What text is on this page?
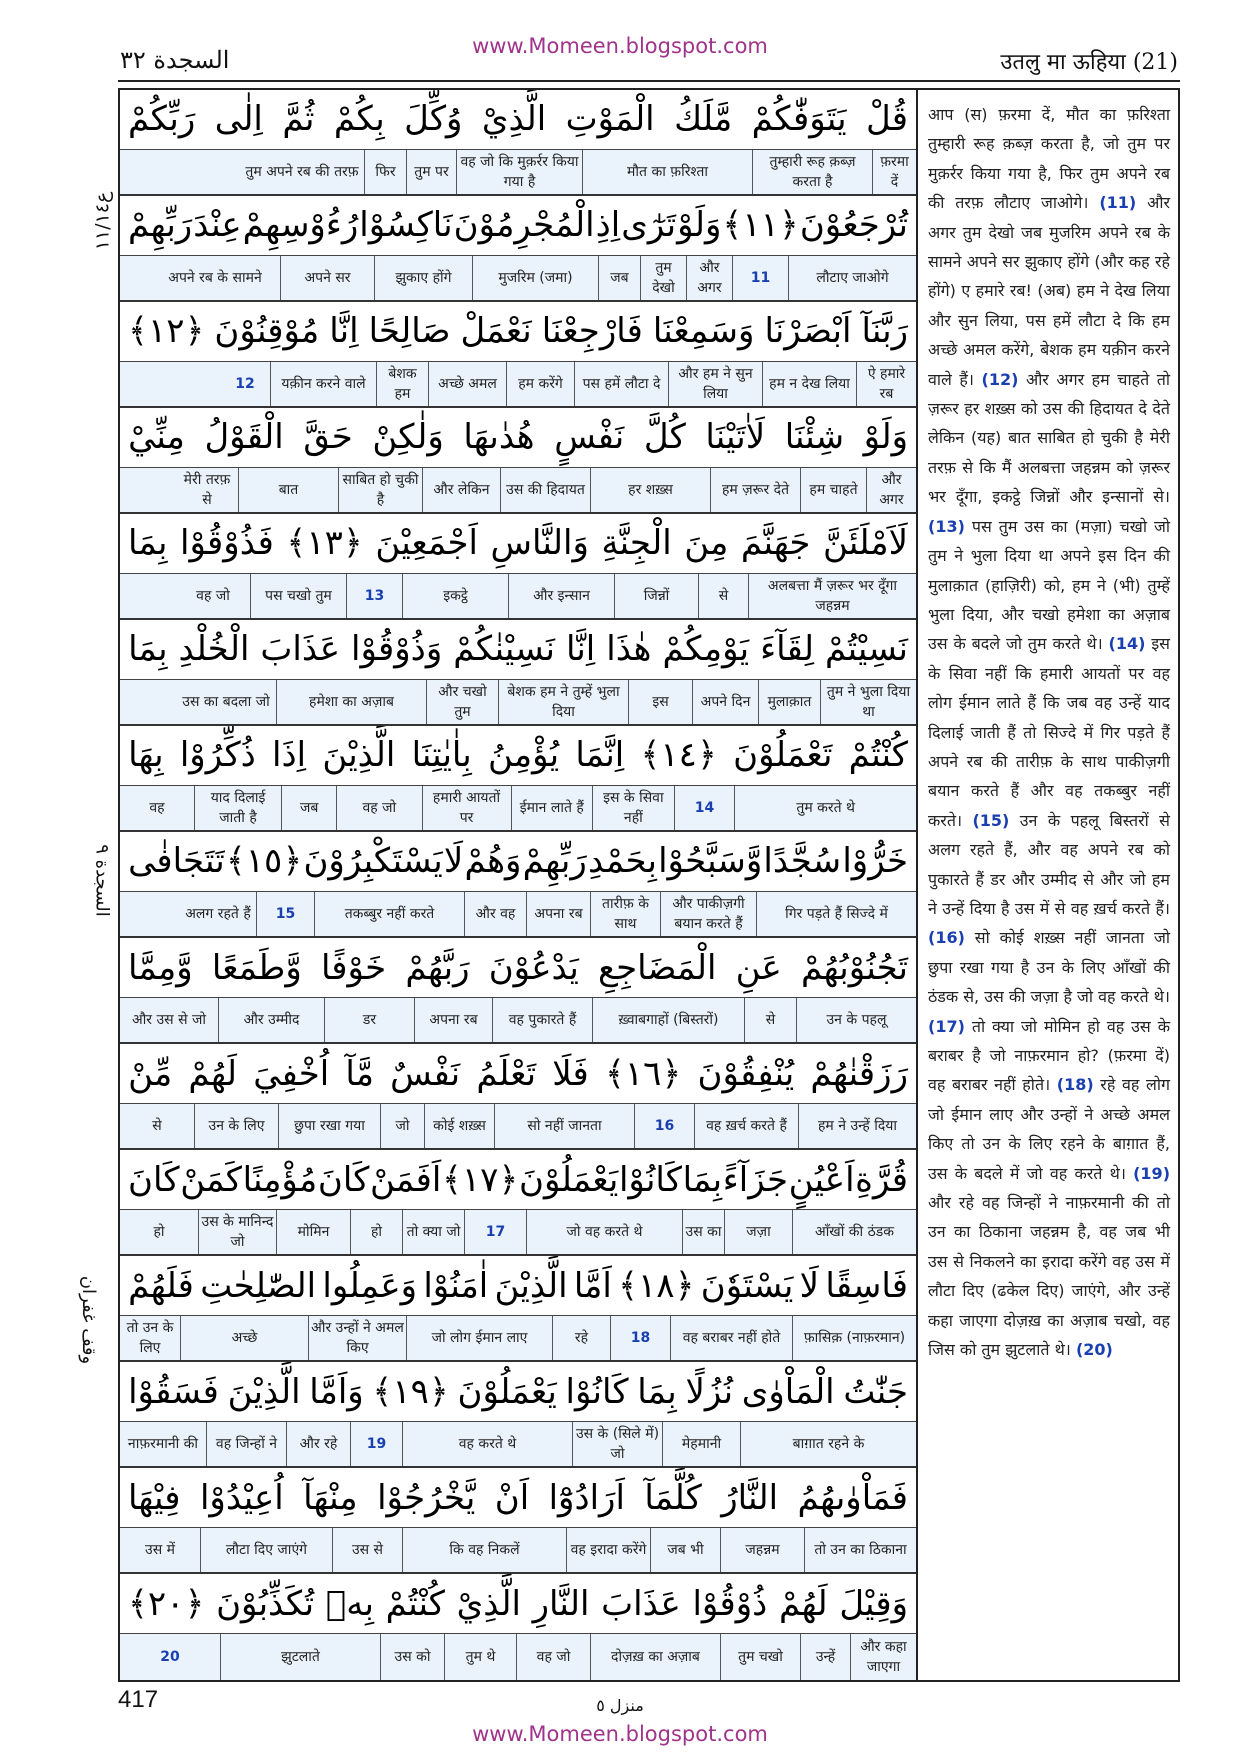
www.Momeen.blogspot.com
السجدة ٣٢	उतलु मा ऊहिया (21)
ع١١/١٤
السجدة ٩
وقف غفران
قُلْ
يَتَوَفّٰكُمْ
مَّلَكُ
الْمَوْتِ
الَّذِيْ
وُكِّلَ
بِكُمْ
ثُمَّ
اِلٰى
رَبِّكُمْ
फ़रमा दें
तुम्हारी रूह क़ब्ज़ करता है
मौत का फ़रिश्ता
वह जो कि मुक़र्रर किया गया है
तुम पर
फिर
तुम अपने रब की तरफ़
تُرْجَعُوْنَ
﴿١١﴾
وَلَوْ
تَرٰٓى
اِذِ
الْمُجْرِمُوْنَ
نَاكِسُوْا
رُءُوْسِهِمْ
عِنْدَ
رَبِّهِمْ
लौटाए जाओगे
11
और अगर
तुम देखो
जब
मुजरिम (जमा)
झुकाए होंगे
अपने सर
अपने रब के सामने
رَبَّنَآ
اَبْصَرْنَا
وَسَمِعْنَا
فَارْجِعْنَا
نَعْمَلْ
صَالِحًا
اِنَّا
مُوْقِنُوْنَ
﴿١٢﴾
ऐ हमारे रब
हम न देख लिया
और हम ने सुन लिया
पस हमें लौटा दे
हम करेंगे
अच्छे अमल
बेशक हम
यक़ीन करने वाले
12
وَلَوْ
شِئْنَا
لَاٰتَيْنَا
كُلَّ
نَفْسٍ
هُدٰىهَا
وَلٰكِنْ
حَقَّ
الْقَوْلُ
مِنِّيْ
और अगर
हम चाहते
हम ज़रूर देते
हर शख़्स
उस की हिदायत
और लेकिन
साबित हो चुकी है
बात
मेरी तरफ़ से
لَاَمْلَئَنَّ
جَهَنَّمَ
مِنَ
الْجِنَّةِ
وَالنَّاسِ
اَجْمَعِيْنَ
﴿١٣﴾
فَذُوْقُوْا
بِمَا
अलबत्ता मैं ज़रूर भर दूँगा जहन्नम
से
जिन्नों
और इन्सान
इकट्ठे
13
पस चखो तुम
वह जो
نَسِيْتُمْ
لِقَآءَ
يَوْمِكُمْ
هٰذَا
اِنَّا
نَسِيْنٰكُمْ
وَذُوْقُوْا
عَذَابَ
الْخُلْدِ
بِمَا
तुम ने भुला दिया था
मुलाक़ात
अपने दिन
इस
बेशक हम ने तुम्हें भुला दिया
और चखो तुम
हमेशा का अज़ाब
उस का बदला जो
كُنْتُمْ
تَعْمَلُوْنَ
﴿١٤﴾
اِنَّمَا
يُؤْمِنُ
بِاٰيٰتِنَا
الَّذِيْنَ
اِذَا
ذُكِّرُوْا
بِهَا
तुम करते थे
14
इस के सिवा नहीं
ईमान लाते हैं
हमारी आयतों पर
वह जो
जब
याद दिलाई जाती है
वह
خَرُّوْا
سُجَّدًا
وَّسَبَّحُوْا
بِحَمْدِ
رَبِّهِمْ
وَهُمْ
لَا
يَسْتَكْبِرُوْنَ
﴿١٥﴾
تَتَجَافٰى
गिर पड़ते हैं सिज्दे में
और पाकीज़गी बयान करते हैं
तारीफ़ के साथ
अपना रब
और वह
तकब्बुर नहीं करते
15
अलग रहते हैं
تَجُنُوْبُهُمْ
عَنِ
الْمَضَاجِعِ
يَدْعُوْنَ
رَبَّهُمْ
خَوْفًا
وَّطَمَعًا
وَّمِمَّا
उन के पहलू
से
ख़्वाबगाहों (बिस्तरों)
वह पुकारते हैं
अपना रब
डर
और उम्मीद
और उस से जो
رَزَقْنٰهُمْ
يُنْفِقُوْنَ
﴿١٦﴾
فَلَا
تَعْلَمُ
نَفْسٌ
مَّآ
اُخْفِيَ
لَهُمْ
مِّنْ
हम ने उन्हें दिया
वह ख़र्च करते हैं
16
सो नहीं जानता
कोई शख़्स
जो
छुपा रखा गया
उन के लिए
से
قُرَّةِ
اَعْيُنٍ
جَزَآءً
بِمَا
كَانُوْا
يَعْمَلُوْنَ
﴿١٧﴾
اَفَمَنْ
كَانَ
مُؤْمِنًا
كَمَنْ
كَانَ
आँखों की ठंडक
जज़ा
उस का
जो वह करते थे
17
तो क्या जो
हो
मोमिन
उस के मानिन्द जो
हो
فَاسِقًا
لَا
يَسْتَوٗنَ
﴿١٨﴾
اَمَّا
الَّذِيْنَ
اٰمَنُوْا
وَعَمِلُوا
الصّٰلِحٰتِ
فَلَهُمْ
फ़ासिक़ (नाफ़रमान)
वह बराबर नहीं होते
18
रहे
जो लोग ईमान लाए
और उन्हों ने अमल किए
अच्छे
तो उन के लिए
جَنّٰتُ
الْمَاْوٰى
نُزُلًا
بِمَا
كَانُوْا
يَعْمَلُوْنَ
﴿١٩﴾
وَاَمَّا
الَّذِيْنَ
فَسَقُوْا
बाग़ात रहने के
मेहमानी
उस के (सिले में) जो
वह करते थे
19
और रहे
वह जिन्हों ने
नाफ़रमानी की
فَمَاْوٰىهُمُ
النَّارُ
كُلَّمَآ
اَرَادُوْٓا
اَنْ
يَّخْرُجُوْا
مِنْهَآ
اُعِيْدُوْا
فِيْهَا
तो उन का ठिकाना
जहन्नम
जब भी
वह इरादा करेंगे
कि वह निकलें
उस से
लौटा दिए जाएंगे
उस में
وَقِيْلَ
لَهُمْ
ذُوْقُوْا
عَذَابَ
النَّارِ
الَّذِيْ
كُنْتُمْ
بِهٖ
تُكَذِّبُوْنَ
﴿٢٠﴾
और कहा जाएगा
उन्हें
तुम चखो
दोज़ख़ का अज़ाब
वह जो
तुम थे
उस को
झुटलाते
20
आप (स) फ़रमा दें, मौत का फ़रिश्ता तुम्हारी रूह क़ब्ज़ करता है, जो तुम पर मुक़र्रर किया गया है, फिर तुम अपने रब की तरफ़ लौटाए जाओगे। (11) और अगर तुम देखो जब मुजरिम अपने रब के सामने अपने सर झुकाए होंगे (और कह रहे होंगे) ए हमारे रब! (अब) हम ने देख लिया और सुन लिया, पस हमें लौटा दे कि हम अच्छे अमल करेंगे, बेशक हम यक़ीन करने वाले हैं। (12) और अगर हम चाहते तो ज़रूर हर शख़्स को उस की हिदायत दे देते लेकिन (यह) बात साबित हो चुकी है मेरी तरफ़ से कि मैं अलबत्ता जहन्नम को ज़रूर भर दूँगा, इकट्ठे जिन्नों और इन्सानों से। (13) पस तुम उस का (मज़ा) चखो जो तुम ने भुला दिया था अपने इस दिन की मुलाक़ात (हाज़िरी) को, हम ने (भी) तुम्हें भुला दिया, और चखो हमेशा का अज़ाब उस के बदले जो तुम करते थे। (14) इस के सिवा नहीं कि हमारी आयतों पर वह लोग ईमान लाते हैं कि जब वह उन्हें याद दिलाई जाती हैं तो सिज्दे में गिर पड़ते हैं अपने रब की तारीफ़ के साथ पाकीज़गी बयान करते हैं और वह तकब्बुर नहीं करते। (15) उन के पहलू बिस्तरों से अलग रहते हैं, और वह अपने रब को पुकारते हैं डर और उम्मीद से और जो हम ने उन्हें दिया है उस में से वह ख़र्च करते हैं। (16) सो कोई शख़्स नहीं जानता जो छुपा रखा गया है उन के लिए आँखों की ठंडक से, उस की जज़ा है जो वह करते थे। (17) तो क्या जो मोमिन हो वह उस के बराबर है जो नाफ़रमान हो? (फ़रमा दें) वह बराबर नहीं होते। (18) रहे वह लोग जो ईमान लाए और उन्हों ने अच्छे अमल किए तो उन के लिए रहने के बाग़ात हैं, उस के बदले में जो वह करते थे। (19) और रहे वह जिन्हों ने नाफ़रमानी की तो उन का ठिकाना जहन्नम है, वह जब भी उस से निकलने का इरादा करेंगे वह उस में लौटा दिए (ढकेल दिए) जाएंगे, और उन्हें कहा जाएगा दोज़ख़ का अज़ाब चखो, वह जिस को तुम झुटलाते थे। (20)
417	منزل ٥
www.Momeen.blogspot.com
